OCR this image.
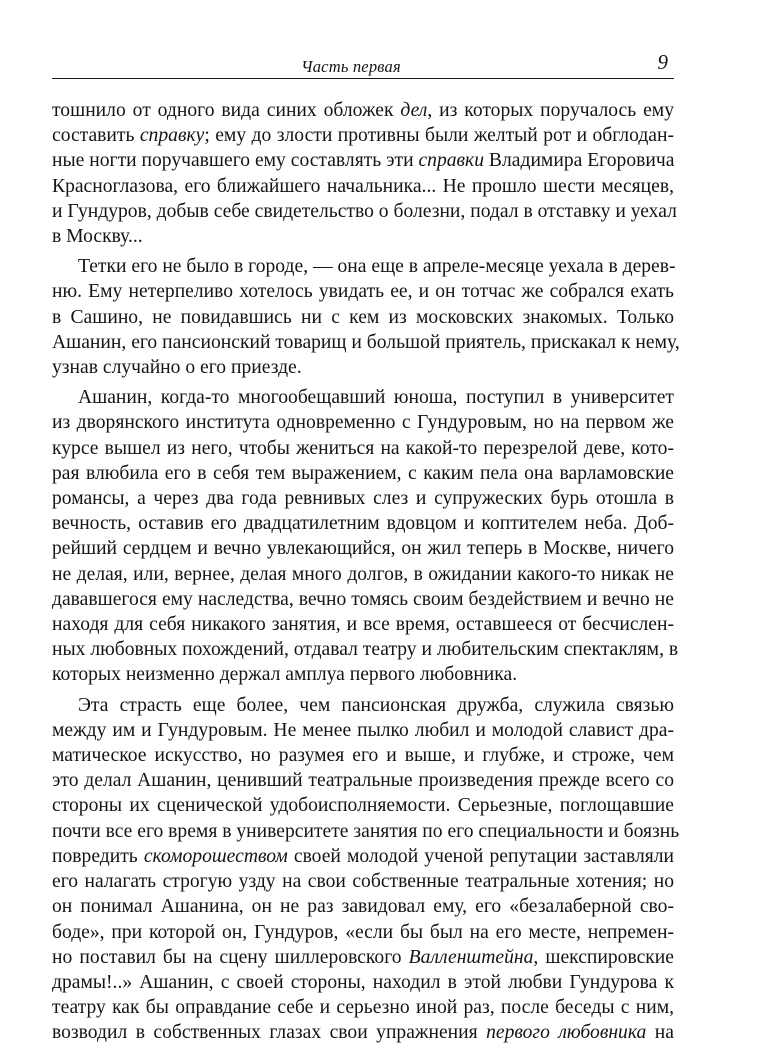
Часть первая	9
тошнило от одного вида синих обложек дел, из которых поручалось ему
составить справку; ему до злости противны были желтый рот и обглодан-
ные ногти поручавшего ему составлять эти справки Владимира Егоровича
Красноглазова, его ближайшего начальника... Не прошло шести месяцев,
и Гундуров, добыв себе свидетельство о болезни, подал в отставку и уехал
в Москву...
Тетки его не было в городе, — она еще в апреле-месяце уехала в дерев-
ню. Ему нетерпеливо хотелось увидать ее, и он тотчас же собрался ехать
в Сашино, не повидавшись ни с кем из московских знакомых. Только
Ашанин, его пансионский товарищ и большой приятель, прискакал к нему,
узнав случайно о его приезде.
Ашанин, когда-то многообещавший юноша, поступил в университет
из дворянского института одновременно с Гундуровым, но на первом же
курсе вышел из него, чтобы жениться на какой-то перезрелой деве, кото-
рая влюбила его в себя тем выражением, с каким пела она варламовские
романсы, а через два года ревнивых слез и супружеских бурь отошла в
вечность, оставив его двадцатилетним вдовцом и коптителем неба. Доб-
рейший сердцем и вечно увлекающийся, он жил теперь в Москве, ничего
не делая, или, вернее, делая много долгов, в ожидании какого-то никак не
дававшегося ему наследства, вечно томясь своим бездействием и вечно не
находя для себя никакого занятия, и все время, оставшееся от бесчислен-
ных любовных похождений, отдавал театру и любительским спектаклям, в
которых неизменно держал амплуа первого любовника.
Эта страсть еще более, чем пансионская дружба, служила связью
между им и Гундуровым. Не менее пылко любил и молодой славист дра-
матическое искусство, но разумея его и выше, и глубже, и строже, чем
это делал Ашанин, ценивший театральные произведения прежде всего со
стороны их сценической удобоисполняемости. Серьезные, поглощавшие
почти все его время в университете занятия по его специальности и боязнь
повредить скоморошеством своей молодой ученой репутации заставляли
его налагать строгую узду на свои собственные театральные хотения; но
он понимал Ашанина, он не раз завидовал ему, его «безалаберной сво-
боде», при которой он, Гундуров, «если бы был на его месте, непремен-
но поставил бы на сцену шиллеровского Валленштейна, шекспировские
драмы!..» Ашанин, с своей стороны, находил в этой любви Гундурова к
театру как бы оправдание себе и серьезно иной раз, после беседы с ним,
возводил в собственных глазах свои упражнения первого любовника на
